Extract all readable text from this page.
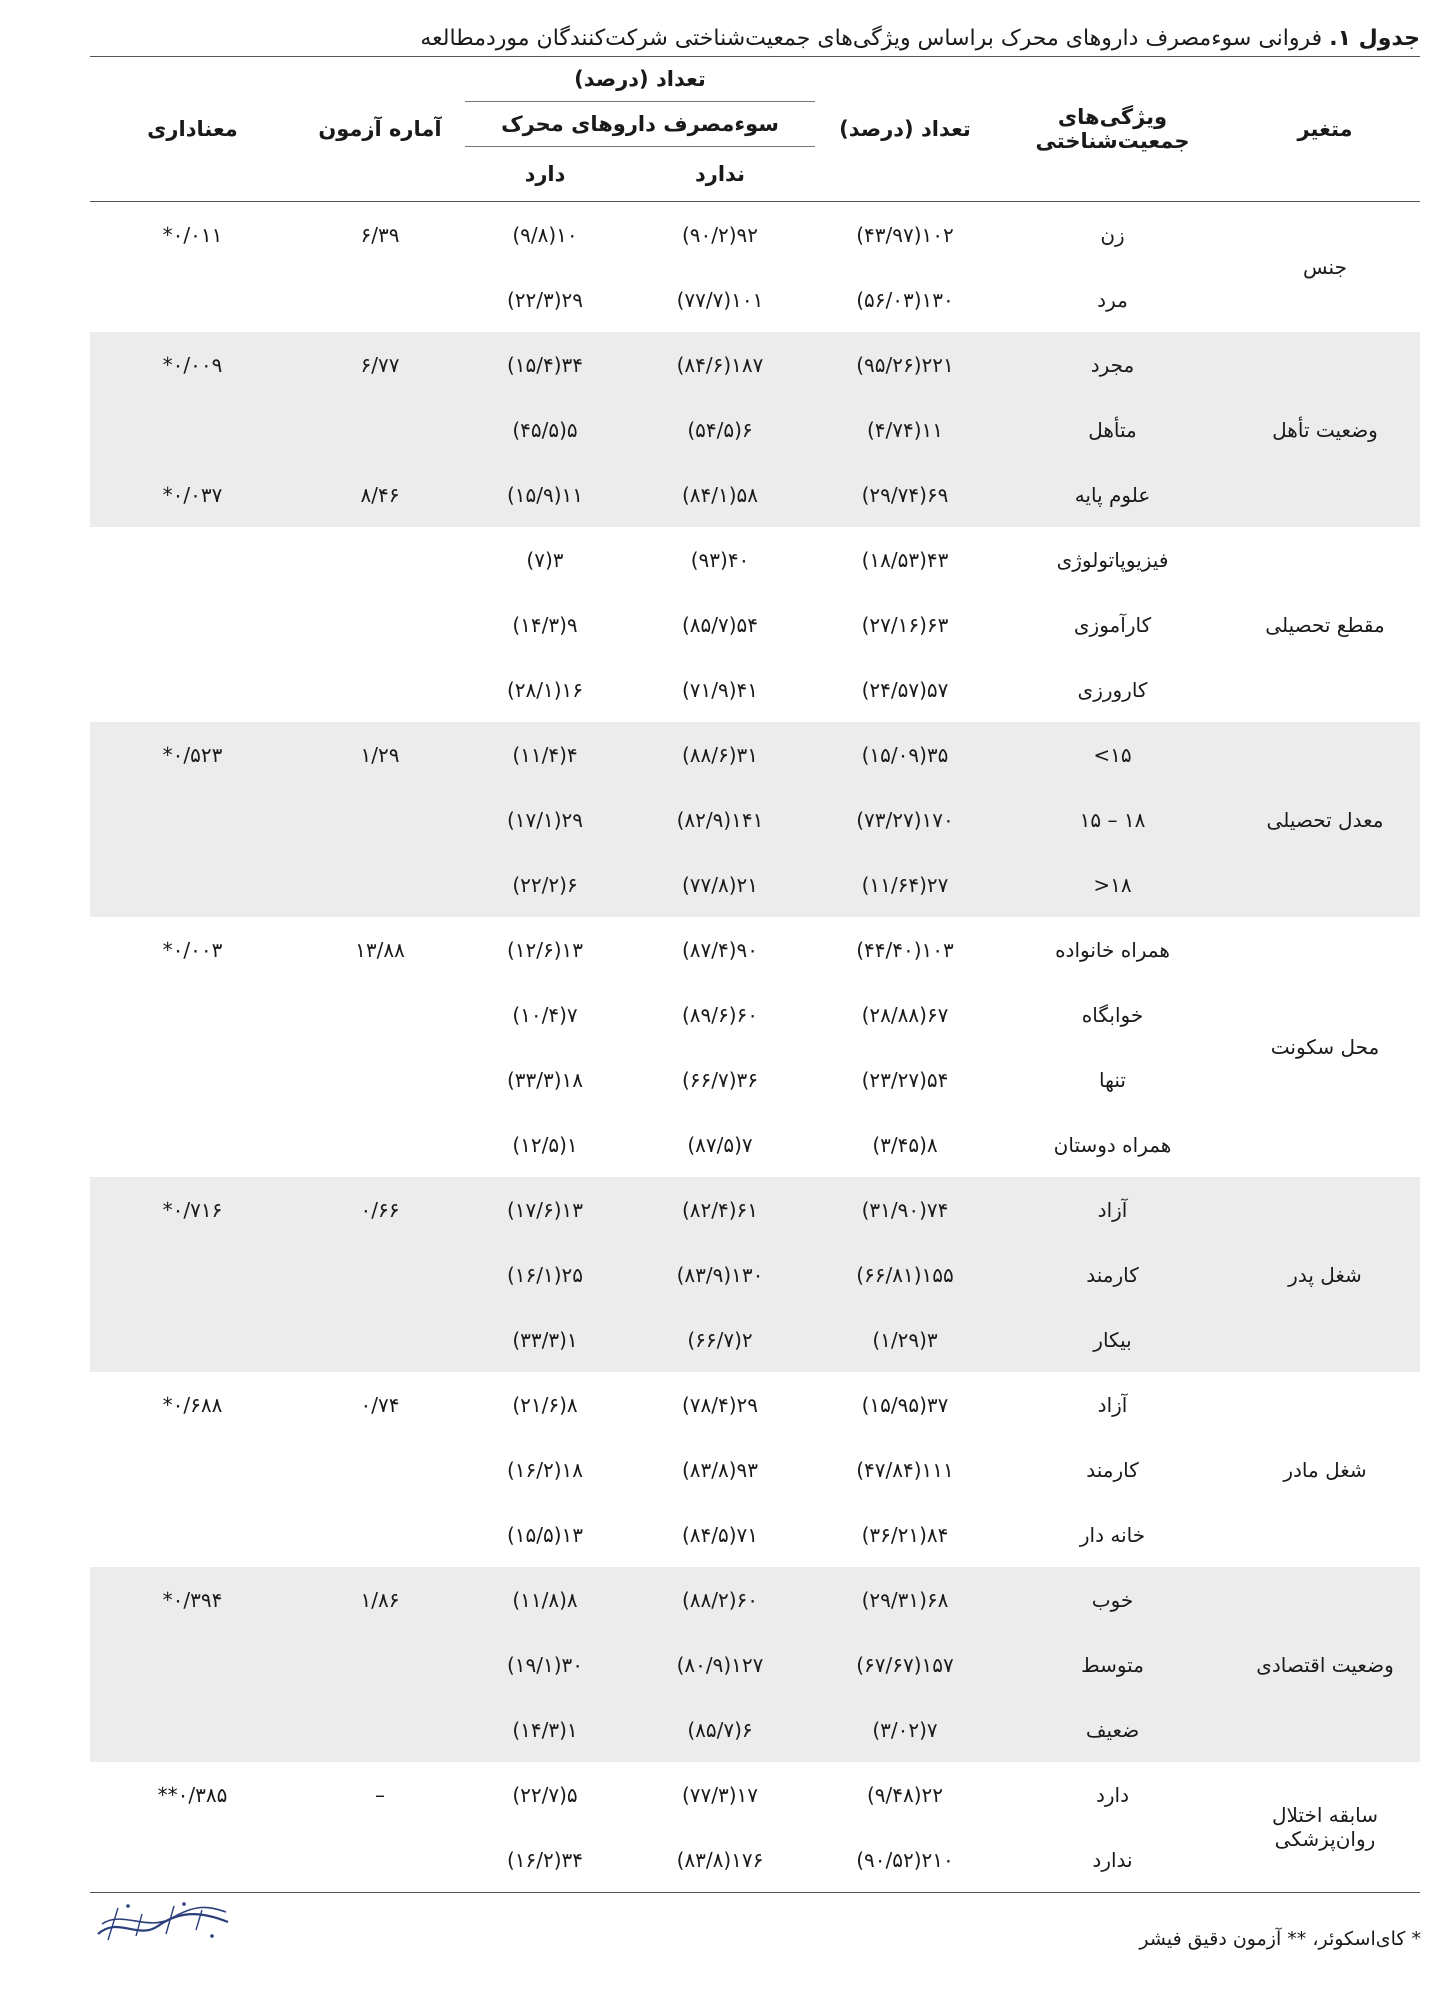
جدول ۱. فروانی سوءمصرف داروهای محرک براساس ویژگی‌های جمعیت‌شناختی شرکت‌کنندگان موردمطالعه
متغیر	ویژگی‌های جمعیت‌شناختی	تعداد (درصد)	تعداد (درصد)		آماره آزمون	معناداری
			سوءمصرف داروهای محرک			
			ندارد	دارد		
جنس	زن	۱۰۲(۴۳/۹۷)	۹۲(۹۰/۲)	۱۰(۹/۸)	۶/۳۹	۰/۰۱۱*
	مرد	۱۳۰(۵۶/۰۳)	۱۰۱(۷۷/۷)	۲۹(۲۲/۳)		
وضعیت تأهل	مجرد	۲۲۱(۹۵/۲۶)	۱۸۷(۸۴/۶)	۳۴(۱۵/۴)	۶/۷۷	۰/۰۰۹*
	متأهل	۱۱(۴/۷۴)	۶(۵۴/۵)	۵(۴۵/۵)		
	علوم پایه	۶۹(۲۹/۷۴)	۵۸(۸۴/۱)	۱۱(۱۵/۹)	۸/۴۶	۰/۰۳۷*
مقطع تحصیلی	فیزیوپاتولوژی	۴۳(۱۸/۵۳)	۴۰(۹۳)	۳(۷)		
	کارآموزی	۶۳(۲۷/۱۶)	۵۴(۸۵/۷)	۹(۱۴/۳)		
	کارورزی	۵۷(۲۴/۵۷)	۴۱(۷۱/۹)	۱۶(۲۸/۱)		
معدل تحصیلی	۱۵>	۳۵(۱۵/۰۹)	۳۱(۸۸/۶)	۴(۱۱/۴)	۱/۲۹	۰/۵۲۳*
	۱۸ – ۱۵	۱۷۰(۷۳/۲۷)	۱۴۱(۸۲/۹)	۲۹(۱۷/۱)		
	۱۸<	۲۷(۱۱/۶۴)	۲۱(۷۷/۸)	۶(۲۲/۲)		
محل سکونت	همراه خانواده	۱۰۳(۴۴/۴۰)	۹۰(۸۷/۴)	۱۳(۱۲/۶)	۱۳/۸۸	۰/۰۰۳*
	خوابگاه	۶۷(۲۸/۸۸)	۶۰(۸۹/۶)	۷(۱۰/۴)		
	تنها	۵۴(۲۳/۲۷)	۳۶(۶۶/۷)	۱۸(۳۳/۳)		
	همراه دوستان	۸(۳/۴۵)	۷(۸۷/۵)	۱(۱۲/۵)		
شغل پدر	آزاد	۷۴(۳۱/۹۰)	۶۱(۸۲/۴)	۱۳(۱۷/۶)	۰/۶۶	۰/۷۱۶*
	کارمند	۱۵۵(۶۶/۸۱)	۱۳۰(۸۳/۹)	۲۵(۱۶/۱)		
	بیکار	۳(۱/۲۹)	۲(۶۶/۷)	۱(۳۳/۳)		
شغل مادر	آزاد	۳۷(۱۵/۹۵)	۲۹(۷۸/۴)	۸(۲۱/۶)	۰/۷۴	۰/۶۸۸*
	کارمند	۱۱۱(۴۷/۸۴)	۹۳(۸۳/۸)	۱۸(۱۶/۲)		
	خانه دار	۸۴(۳۶/۲۱)	۷۱(۸۴/۵)	۱۳(۱۵/۵)		
وضعیت اقتصادی	خوب	۶۸(۲۹/۳۱)	۶۰(۸۸/۲)	۸(۱۱/۸)	۱/۸۶	۰/۳۹۴*
	متوسط	۱۵۷(۶۷/۶۷)	۱۲۷(۸۰/۹)	۳۰(۱۹/۱)		
	ضعیف	۷(۳/۰۲)	۶(۸۵/۷)	۱(۱۴/۳)		
سابقه اختلال روان‌پزشکی	دارد	۲۲(۹/۴۸)	۱۷(۷۷/۳)	۵(۲۲/۷)	–	۰/۳۸۵**
	ندارد	۲۱۰(۹۰/۵۲)	۱۷۶(۸۳/۸)	۳۴(۱۶/۲)		
* کای‌اسکوئر، ** آزمون دقیق فیشر
